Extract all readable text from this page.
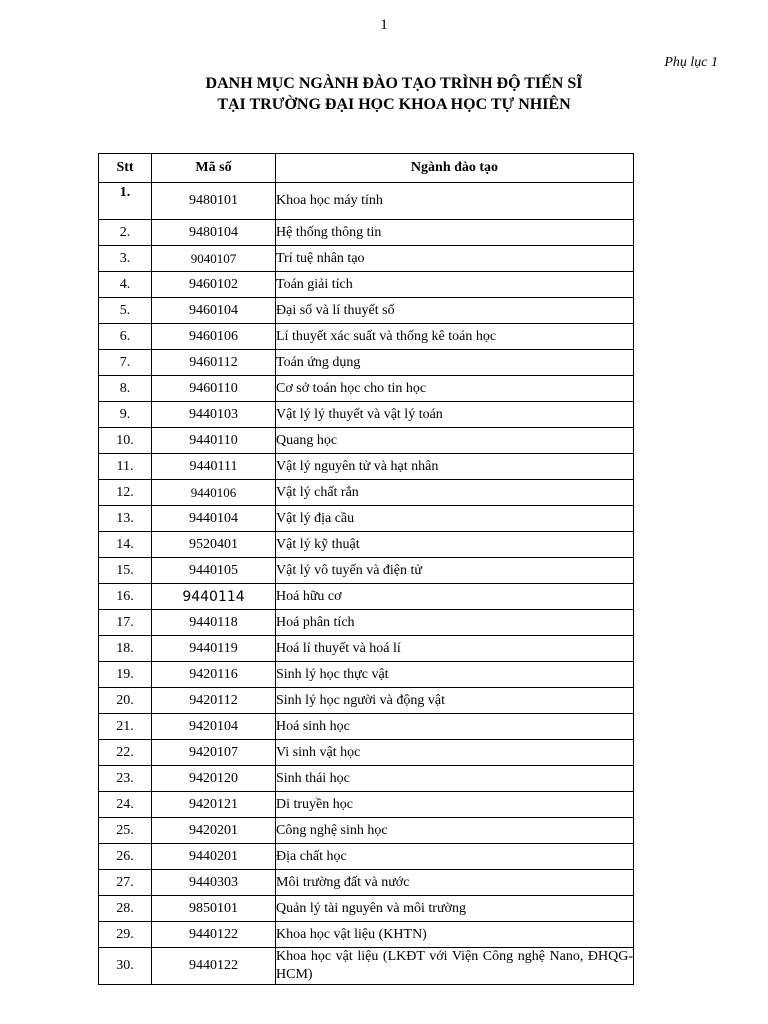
1
Phụ lục 1
DANH MỤC NGÀNH ĐÀO TẠO TRÌNH ĐỘ TIẾN SĨ
TẠI TRƯỜNG ĐẠI HỌC KHOA HỌC TỰ NHIÊN
Stt	Mã số	Ngành đào tạo
1.	9480101	Khoa học máy tính
2.	9480104	Hệ thống thông tin
3.	9040107	Trí tuệ nhân tạo
4.	9460102	Toán giải tích
5.	9460104	Đại số và lí thuyết số
6.	9460106	Lí thuyết xác suất và thống kê toán học
7.	9460112	Toán ứng dụng
8.	9460110	Cơ sở toán học cho tin học
9.	9440103	Vật lý lý thuyết và vật lý toán
10.	9440110	Quang học
11.	9440111	Vật lý nguyên tử và hạt nhân
12.	9440106	Vật lý chất rắn
13.	9440104	Vật lý địa cầu
14.	9520401	Vật lý kỹ thuật
15.	9440105	Vật lý vô tuyến và điện tử
16.	9440114	Hoá hữu cơ
17.	9440118	Hoá phân tích
18.	9440119	Hoá lí thuyết và hoá lí
19.	9420116	Sinh lý học thực vật
20.	9420112	Sinh lý học người và động vật
21.	9420104	Hoá sinh học
22.	9420107	Vi sinh vật học
23.	9420120	Sinh thái học
24.	9420121	Di truyền học
25.	9420201	Công nghệ sinh học
26.	9440201	Địa chất học
27.	9440303	Môi trường đất và nước
28.	9850101	Quản lý tài nguyên và môi trường
29.	9440122	Khoa học vật liệu (KHTN)
30.	9440122	Khoa học vật liệu (LKĐT với Viện Công nghệ Nano, ĐHQG-HCM)
